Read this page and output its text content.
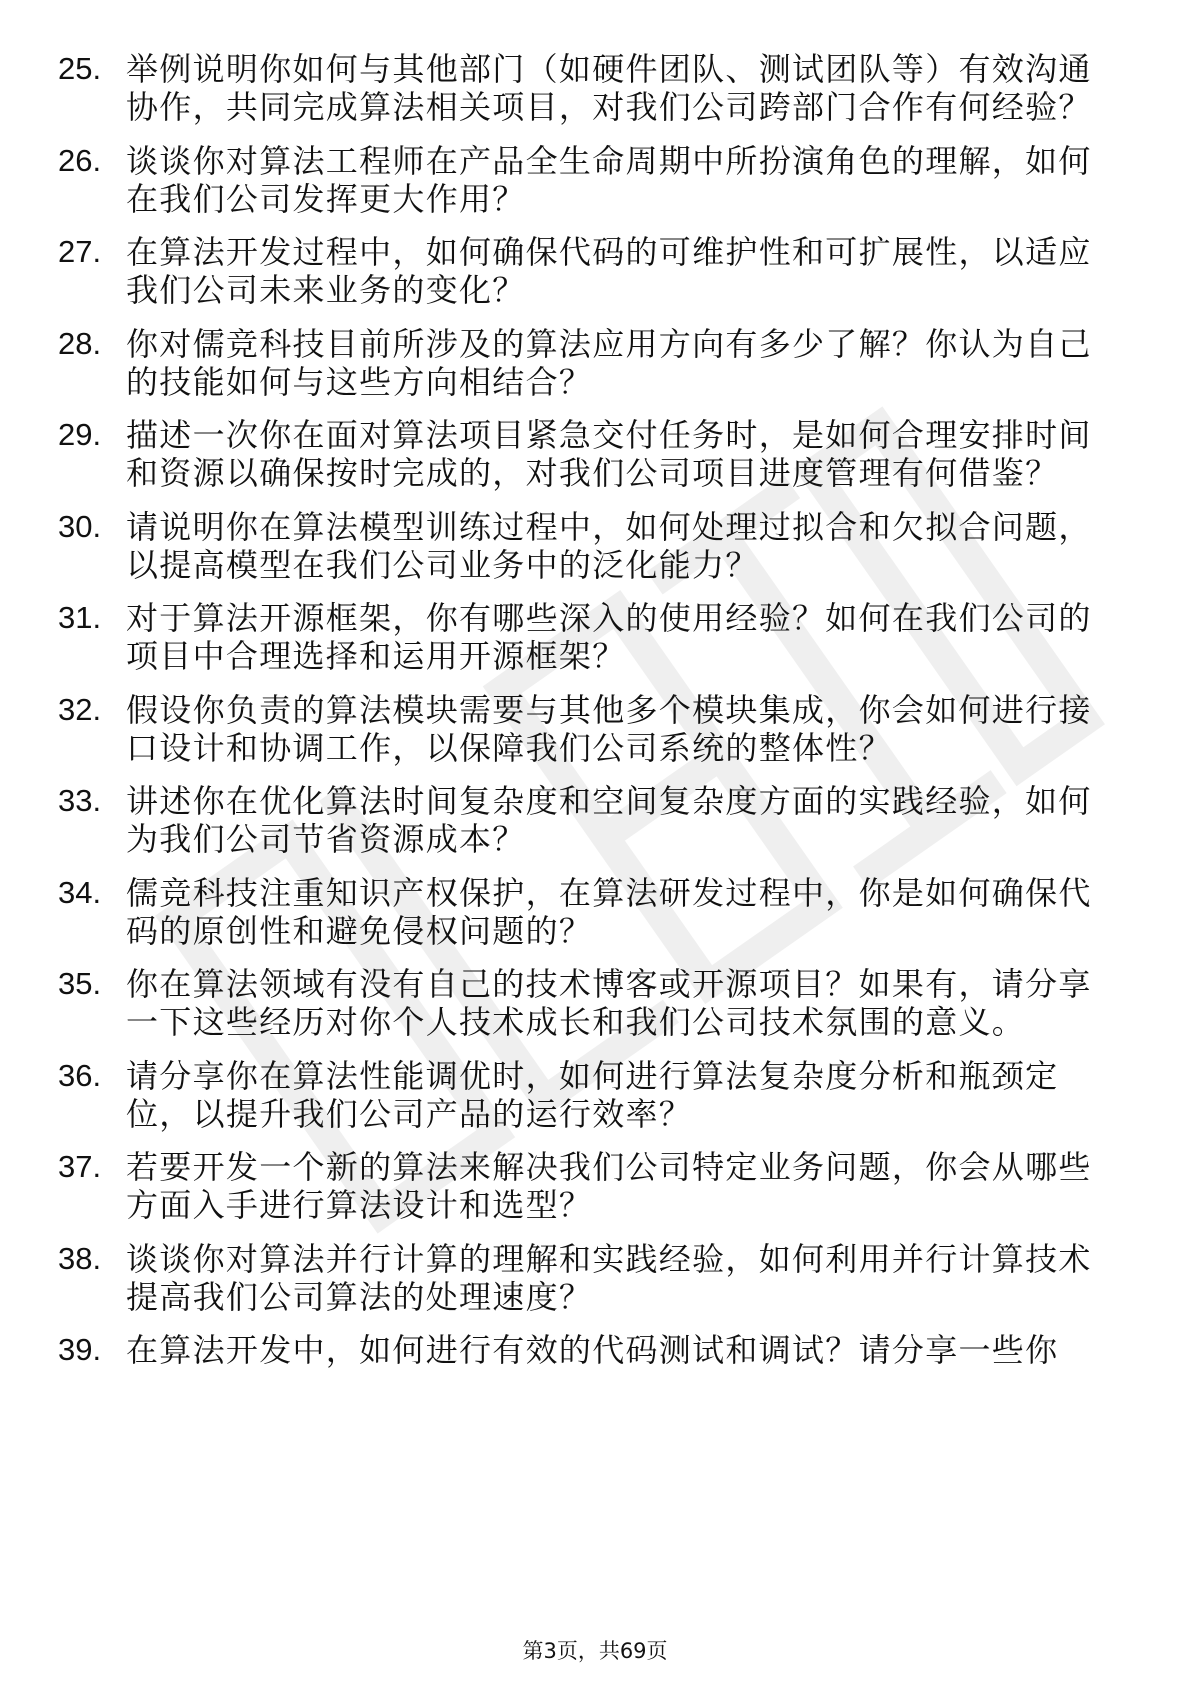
25. 举例说明你如何与其他部门（如硬件团队、测试团队等）有效沟通协作，共同完成算法相关项目，对我们公司跨部门合作有何经验？
26. 谈谈你对算法工程师在产品全生命周期中所扮演角色的理解，如何在我们公司发挥更大作用？
27. 在算法开发过程中，如何确保代码的可维护性和可扩展性，以适应我们公司未来业务的变化？
28. 你对儒竞科技目前所涉及的算法应用方向有多少了解？你认为自己的技能如何与这些方向相结合？
29. 描述一次你在面对算法项目紧急交付任务时，是如何合理安排时间和资源以确保按时完成的，对我们公司项目进度管理有何借鉴？
30. 请说明你在算法模型训练过程中，如何处理过拟合和欠拟合问题，以提高模型在我们公司业务中的泛化能力？
31. 对于算法开源框架，你有哪些深入的使用经验？如何在我们公司的项目中合理选择和运用开源框架？
32. 假设你负责的算法模块需要与其他多个模块集成，你会如何进行接口设计和协调工作，以保障我们公司系统的整体性？
33. 讲述你在优化算法时间复杂度和空间复杂度方面的实践经验，如何为我们公司节省资源成本？
34. 儒竞科技注重知识产权保护，在算法研发过程中，你是如何确保代码的原创性和避免侵权问题的？
35. 你在算法领域有没有自己的技术博客或开源项目？如果有，请分享一下这些经历对你个人技术成长和我们公司技术氛围的意义。
36. 请分享你在算法性能调优时，如何进行算法复杂度分析和瓶颈定位，以提升我们公司产品的运行效率？
37. 若要开发一个新的算法来解决我们公司特定业务问题，你会从哪些方面入手进行算法设计和选型？
38. 谈谈你对算法并行计算的理解和实践经验，如何利用并行计算技术提高我们公司算法的处理速度？
39. 在算法开发中，如何进行有效的代码测试和调试？请分享一些你
第3页，共69页
